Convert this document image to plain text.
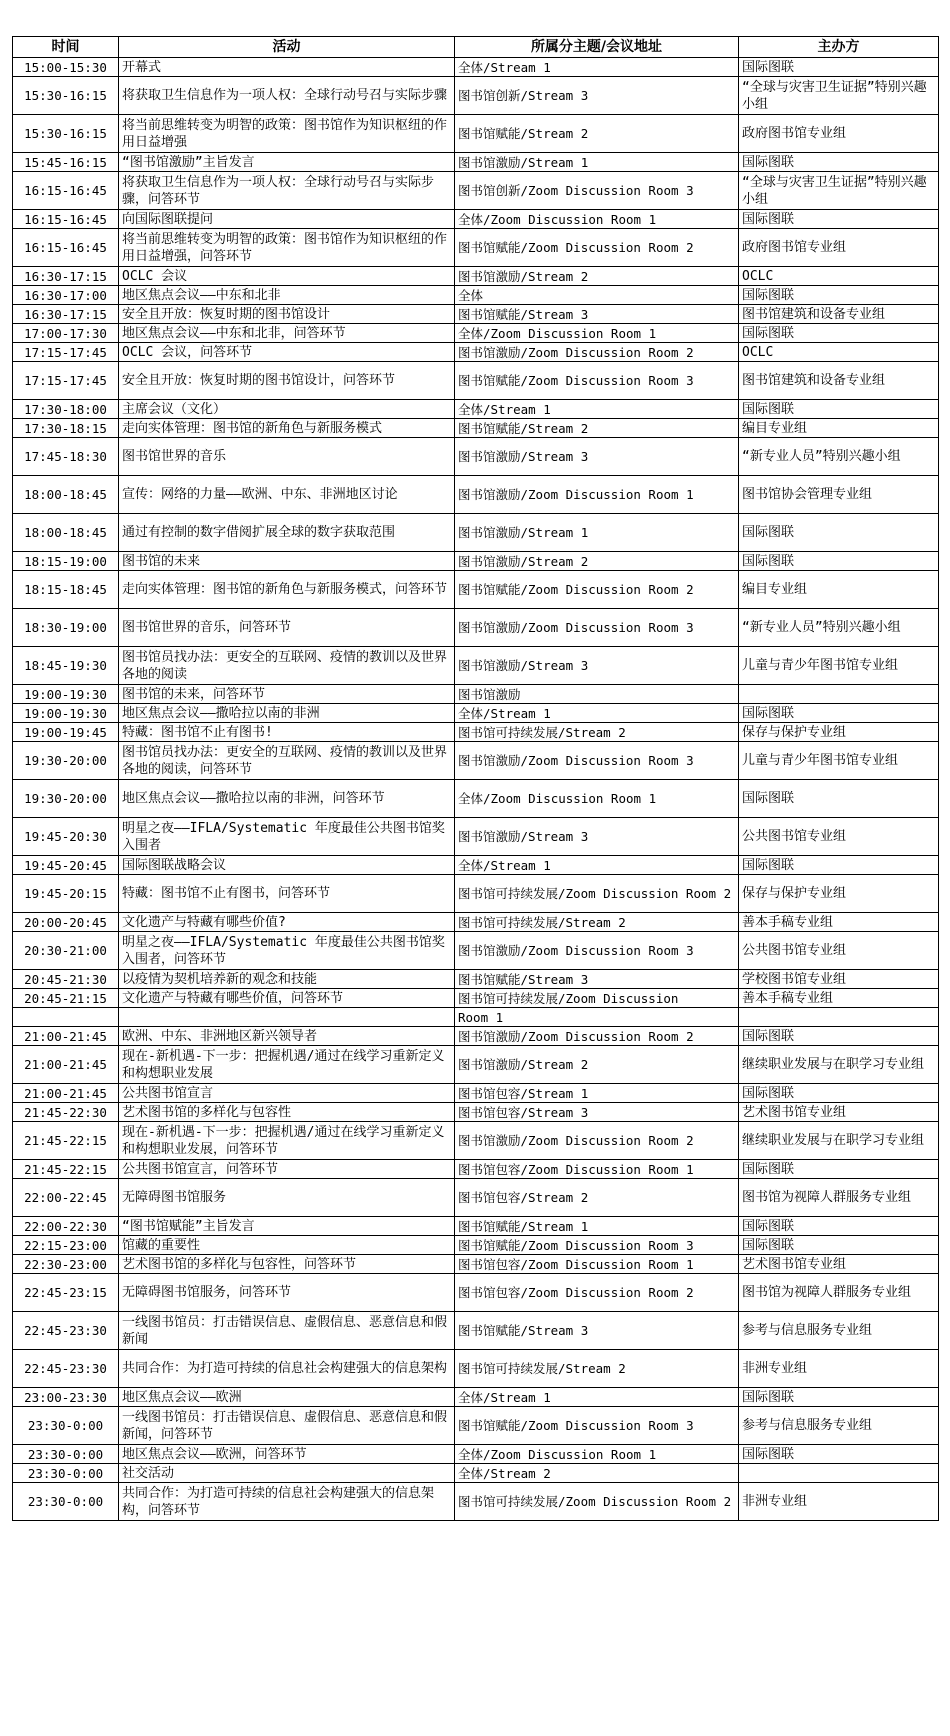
时间	活动	所属分主题/会议地址	主办方
15:00-15:30	开幕式	全体/Stream 1	国际图联
15:30-16:15	将获取卫生信息作为一项人权：全球行动号召与实际步骤	图书馆创新/Stream 3	“全球与灾害卫生证据”特别兴趣小组
15:30-16:15	将当前思维转变为明智的政策：图书馆作为知识枢纽的作用日益增强	图书馆赋能/Stream 2	政府图书馆专业组
15:45-16:15	“图书馆激励”主旨发言	图书馆激励/Stream 1	国际图联
16:15-16:45	将获取卫生信息作为一项人权：全球行动号召与实际步骤，问答环节	图书馆创新/Zoom Discussion Room 3	“全球与灾害卫生证据”特别兴趣小组
16:15-16:45	向国际图联提问	全体/Zoom Discussion Room 1	国际图联
16:15-16:45	将当前思维转变为明智的政策：图书馆作为知识枢纽的作用日益增强，问答环节	图书馆赋能/Zoom Discussion Room 2	政府图书馆专业组
16:30-17:15	OCLC 会议	图书馆激励/Stream 2	OCLC
16:30-17:00	地区焦点会议——中东和北非	全体	国际图联
16:30-17:15	安全且开放：恢复时期的图书馆设计	图书馆赋能/Stream 3	图书馆建筑和设备专业组
17:00-17:30	地区焦点会议——中东和北非，问答环节	全体/Zoom Discussion Room 1	国际图联
17:15-17:45	OCLC 会议，问答环节	图书馆激励/Zoom Discussion Room 2	OCLC
17:15-17:45	安全且开放：恢复时期的图书馆设计，问答环节	图书馆赋能/Zoom Discussion Room 3	图书馆建筑和设备专业组
17:30-18:00	主席会议（文化）	全体/Stream 1	国际图联
17:30-18:15	走向实体管理：图书馆的新角色与新服务模式	图书馆赋能/Stream 2	编目专业组
17:45-18:30	图书馆世界的音乐	图书馆激励/Stream 3	“新专业人员”特别兴趣小组
18:00-18:45	宣传：网络的力量——欧洲、中东、非洲地区讨论	图书馆激励/Zoom Discussion Room 1	图书馆协会管理专业组
18:00-18:45	通过有控制的数字借阅扩展全球的数字获取范围	图书馆激励/Stream 1	国际图联
18:15-19:00	图书馆的未来	图书馆激励/Stream 2	国际图联
18:15-18:45	走向实体管理：图书馆的新角色与新服务模式，问答环节	图书馆赋能/Zoom Discussion Room 2	编目专业组
18:30-19:00	图书馆世界的音乐，问答环节	图书馆激励/Zoom Discussion Room 3	“新专业人员”特别兴趣小组
18:45-19:30	图书馆员找办法：更安全的互联网、疫情的教训以及世界各地的阅读	图书馆激励/Stream 3	儿童与青少年图书馆专业组
19:00-19:30	图书馆的未来，问答环节	图书馆激励	
19:00-19:30	地区焦点会议——撒哈拉以南的非洲	全体/Stream 1	国际图联
19:00-19:45	特藏：图书馆不止有图书!	图书馆可持续发展/Stream 2	保存与保护专业组
19:30-20:00	图书馆员找办法：更安全的互联网、疫情的教训以及世界各地的阅读，问答环节	图书馆激励/Zoom Discussion Room 3	儿童与青少年图书馆专业组
19:30-20:00	地区焦点会议——撒哈拉以南的非洲，问答环节	全体/Zoom Discussion Room 1	国际图联
19:45-20:30	明星之夜——IFLA/Systematic 年度最佳公共图书馆奖入围者	图书馆激励/Stream 3	公共图书馆专业组
19:45-20:45	国际图联战略会议	全体/Stream 1	国际图联
19:45-20:15	特藏：图书馆不止有图书，问答环节	图书馆可持续发展/Zoom Discussion Room 2	保存与保护专业组
20:00-20:45	文化遗产与特藏有哪些价值?	图书馆可持续发展/Stream 2	善本手稿专业组
20:30-21:00	明星之夜——IFLA/Systematic 年度最佳公共图书馆奖入围者，问答环节	图书馆激励/Zoom Discussion Room 3	公共图书馆专业组
20:45-21:30	以疫情为契机培养新的观念和技能	图书馆赋能/Stream 3	学校图书馆专业组
20:45-21:15	文化遗产与特藏有哪些价值，问答环节	图书馆可持续发展/Zoom Discussion	善本手稿专业组
		Room 1	
21:00-21:45	欧洲、中东、非洲地区新兴领导者	图书馆激励/Zoom Discussion Room 2	国际图联
21:00-21:45	现在-新机遇-下一步：把握机遇/通过在线学习重新定义和构想职业发展	图书馆激励/Stream 2	继续职业发展与在职学习专业组
21:00-21:45	公共图书馆宣言	图书馆包容/Stream 1	国际图联
21:45-22:30	艺术图书馆的多样化与包容性	图书馆包容/Stream 3	艺术图书馆专业组
21:45-22:15	现在-新机遇-下一步：把握机遇/通过在线学习重新定义和构想职业发展，问答环节	图书馆激励/Zoom Discussion Room 2	继续职业发展与在职学习专业组
21:45-22:15	公共图书馆宣言，问答环节	图书馆包容/Zoom Discussion Room 1	国际图联
22:00-22:45	无障碍图书馆服务	图书馆包容/Stream 2	图书馆为视障人群服务专业组
22:00-22:30	“图书馆赋能”主旨发言	图书馆赋能/Stream 1	国际图联
22:15-23:00	馆藏的重要性	图书馆赋能/Zoom Discussion Room 3	国际图联
22:30-23:00	艺术图书馆的多样化与包容性，问答环节	图书馆包容/Zoom Discussion Room 1	艺术图书馆专业组
22:45-23:15	无障碍图书馆服务，问答环节	图书馆包容/Zoom Discussion Room 2	图书馆为视障人群服务专业组
22:45-23:30	一线图书馆员：打击错误信息、虚假信息、恶意信息和假新闻	图书馆赋能/Stream 3	参考与信息服务专业组
22:45-23:30	共同合作：为打造可持续的信息社会构建强大的信息架构	图书馆可持续发展/Stream 2	非洲专业组
23:00-23:30	地区焦点会议——欧洲	全体/Stream 1	国际图联
23:30-0:00	一线图书馆员：打击错误信息、虚假信息、恶意信息和假新闻，问答环节	图书馆赋能/Zoom Discussion Room 3	参考与信息服务专业组
23:30-0:00	地区焦点会议——欧洲，问答环节	全体/Zoom Discussion Room 1	国际图联
23:30-0:00	社交活动	全体/Stream 2	
23:30-0:00	共同合作：为打造可持续的信息社会构建强大的信息架构，问答环节	图书馆可持续发展/Zoom Discussion Room 2	非洲专业组
